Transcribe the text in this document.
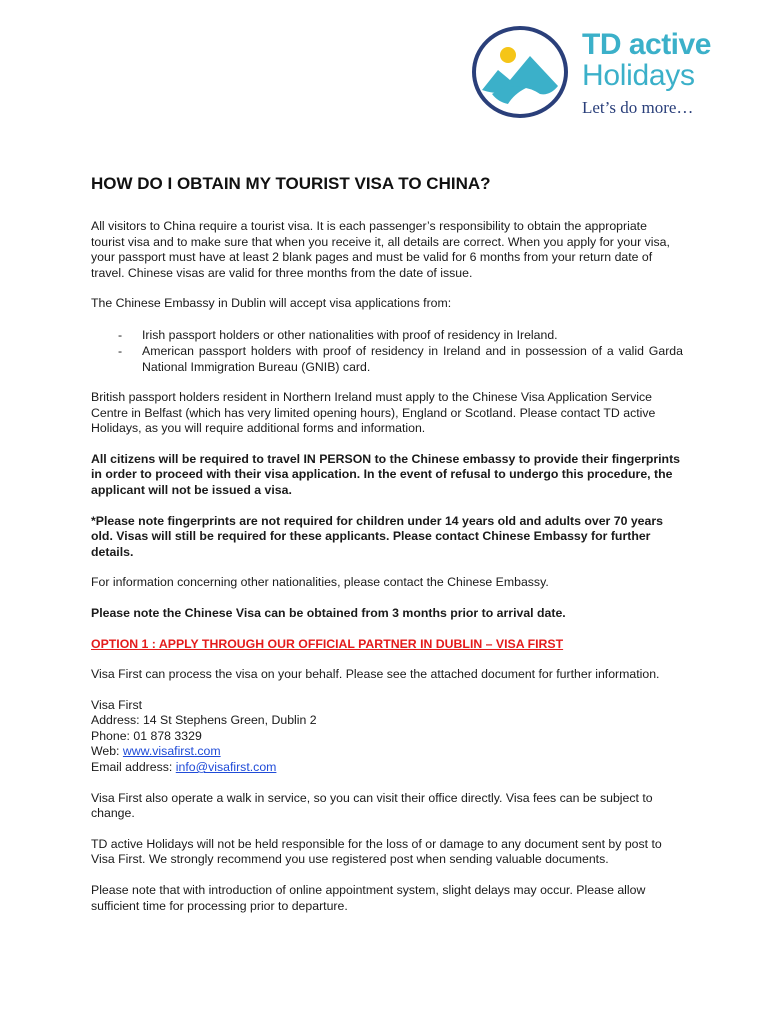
TD active
Holidays
Let’s do more…
HOW DO I OBTAIN MY TOURIST VISA TO CHINA?

All visitors to China require a tourist visa. It is each passenger’s responsibility to obtain the appropriate tourist visa and to make sure that when you receive it, all details are correct. When you apply for your visa, your passport must have at least 2 blank pages and must be valid for 6 months from your return date of travel. Chinese visas are valid for three months from the date of issue.

The Chinese Embassy in Dublin will accept visa applications from:

- Irish passport holders or other nationalities with proof of residency in Ireland.
- American passport holders with proof of residency in Ireland and in possession of a valid Garda National Immigration Bureau (GNIB) card.

British passport holders resident in Northern Ireland must apply to the Chinese Visa Application Service Centre in Belfast (which has very limited opening hours), England or Scotland. Please contact TD active Holidays, as you will require additional forms and information.

All citizens will be required to travel IN PERSON to the Chinese embassy to provide their fingerprints in order to proceed with their visa application. In the event of refusal to undergo this procedure, the applicant will not be issued a visa.

*Please note fingerprints are not required for children under 14 years old and adults over 70 years old. Visas will still be required for these applicants. Please contact Chinese Embassy for further details.

For information concerning other nationalities, please contact the Chinese Embassy.

Please note the Chinese Visa can be obtained from 3 months prior to arrival date.

OPTION 1 : APPLY THROUGH OUR OFFICIAL PARTNER IN DUBLIN – VISA FIRST

Visa First can process the visa on your behalf. Please see the attached document for further information.

Visa First
Address: 14 St Stephens Green, Dublin 2
Phone: 01 878 3329
Web: www.visafirst.com
Email address: info@visafirst.com

Visa First also operate a walk in service, so you can visit their office directly. Visa fees can be subject to change.

TD active Holidays will not be held responsible for the loss of or damage to any document sent by post to Visa First. We strongly recommend you use registered post when sending valuable documents.

Please note that with introduction of online appointment system, slight delays may occur. Please allow sufficient time for processing prior to departure.
